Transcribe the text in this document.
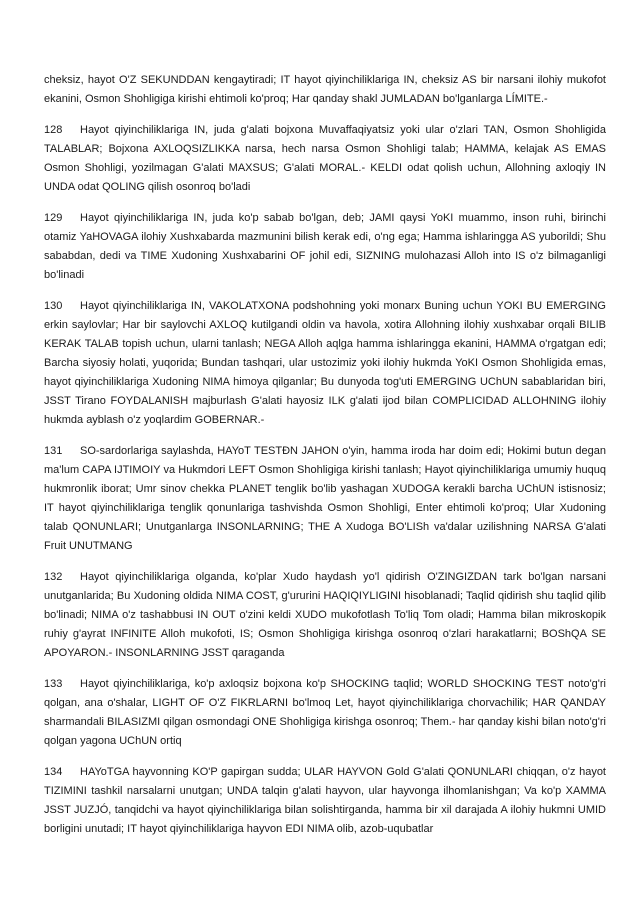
cheksiz, hayot O'Z SEKUNDDAN kengaytiradi; IT hayot qiyinchiliklariga IN, cheksiz AS bir narsani ilohiy mukofot ekanini, Osmon Shohligiga kirishi ehtimoli ko'proq; Har qanday shakl JUMLADAN bo'lganlarga LÍMITE.-

128 Hayot qiyinchiliklariga IN, juda g'alati bojxona Muvaffaqiyatsiz yoki ular o'zlari TAN, Osmon Shohligida TALABLAR; Bojxona AXLOQSIZLIKKA narsa, hech narsa Osmon Shohligi talab; HAMMA, kelajak AS EMAS Osmon Shohligi, yozilmagan G'alati MAXSUS; G'alati MORAL.- KELDI odat qolish uchun, Allohning axloqiy IN UNDA odat QOLING qilish osonroq bo'ladi

129 Hayot qiyinchiliklariga IN, juda ko'p sabab bo'lgan, deb; JAMI qaysi YoKI muammo, inson ruhi, birinchi otamiz YaHOVAGA ilohiy Xushxabarda mazmunini bilish kerak edi, o'ng ega; Hamma ishlaringga AS yuborildi; Shu sababdan, dedi va TIME Xudoning Xushxabarini OF johil edi, SIZNING mulohazasi Alloh into IS o'z bilmaganligi bo'linadi

130 Hayot qiyinchiliklariga IN, VAKOLATXONA podshohning yoki monarx Buning uchun YOKI BU EMERGING erkin saylovlar; Har bir saylovchi AXLOQ kutilgandi oldin va havola, xotira Allohning ilohiy xushxabar orqali BILIB KERAK TALAB topish uchun, ularni tanlash; NEGA Alloh aqlga hamma ishlaringga ekanini, HAMMA o'rgatgan edi; Barcha siyosiy holati, yuqorida; Bundan tashqari, ular ustozimiz yoki ilohiy hukmda YoKI Osmon Shohligida emas, hayot qiyinchiliklariga Xudoning NIMA himoya qilganlar; Bu dunyoda tog'uti EMERGING UChUN sabablaridan biri, JSST Tirano FOYDALANISH majburlash G'alati hayosiz ILK g'alati ijod bilan COMPLICIDAD ALLOHNING ilohiy hukmda ayblash o'z yoqlardim GOBERNAR.-

131 SO-sardorlariga saylashda, HAYoT TESTÐN JAHON o'yin, hamma iroda har doim edi; Hokimi butun degan ma'lum CAPA IJTIMOIY va Hukmdori LEFT Osmon Shohligiga kirishi tanlash; Hayot qiyinchiliklariga umumiy huquq hukmronlik iborat; Umr sinov chekka PLANET tenglik bo'lib yashagan XUDOGA kerakli barcha UChUN istisnosiz; IT hayot qiyinchiliklariga tenglik qonunlariga tashvishda Osmon Shohligi, Enter ehtimoli ko'proq; Ular Xudoning talab QONUNLARI; Unutganlarga INSONLARNING; THE A Xudoga BO'LISh va'dalar uzilishning NARSA G'alati Fruit UNUTMANG

132 Hayot qiyinchiliklariga olganda, ko'plar Xudo haydash yo'l qidirish O'ZINGIZDAN tark bo'lgan narsani unutganlarida; Bu Xudoning oldida NIMA COST, g'ururini HAQIQIYLIGINI hisoblanadi; Taqlid qidirish shu taqlid qilib bo'linadi; NIMA o'z tashabbusi IN OUT o'zini keldi XUDO mukofotlash To'liq Tom oladi; Hamma bilan mikroskopik ruhiy g'ayrat INFINITE Alloh mukofoti, IS; Osmon Shohligiga kirishga osonroq o'zlari harakatlarni; BOShQA SE APOYARON.- INSONLARNING JSST qaraganda

133 Hayot qiyinchiliklariga, ko'p axloqsiz bojxona ko'p SHOCKING taqlid; WORLD SHOCKING TEST noto'g'ri qolgan, ana o'shalar, LIGHT OF O'Z FIKRLARNI bo'lmoq Let, hayot qiyinchiliklariga chorvachilik; HAR QANDAY sharmandali BILASIZMI qilgan osmondagi ONE Shohligiga kirishga osonroq; Them.- har qanday kishi bilan noto'g'ri qolgan yagona UChUN ortiq

134 HAYoTGA hayvonning KO'P gapirgan sudda; ULAR HAYVON Gold G'alati QONUNLARI chiqqan, o'z hayot TIZIMINI tashkil narsalarni unutgan; UNDA talqin g'alati hayvon, ular hayvonga ilhomlanishgan; Va ko'p XAMMA JSST JUZJÓ, tanqidchi va hayot qiyinchiliklariga bilan solishtirganda, hamma bir xil darajada A ilohiy hukmni UMID borligini unutadi; IT hayot qiyinchiliklariga hayvon EDI NIMA olib, azob-uqubatlar
